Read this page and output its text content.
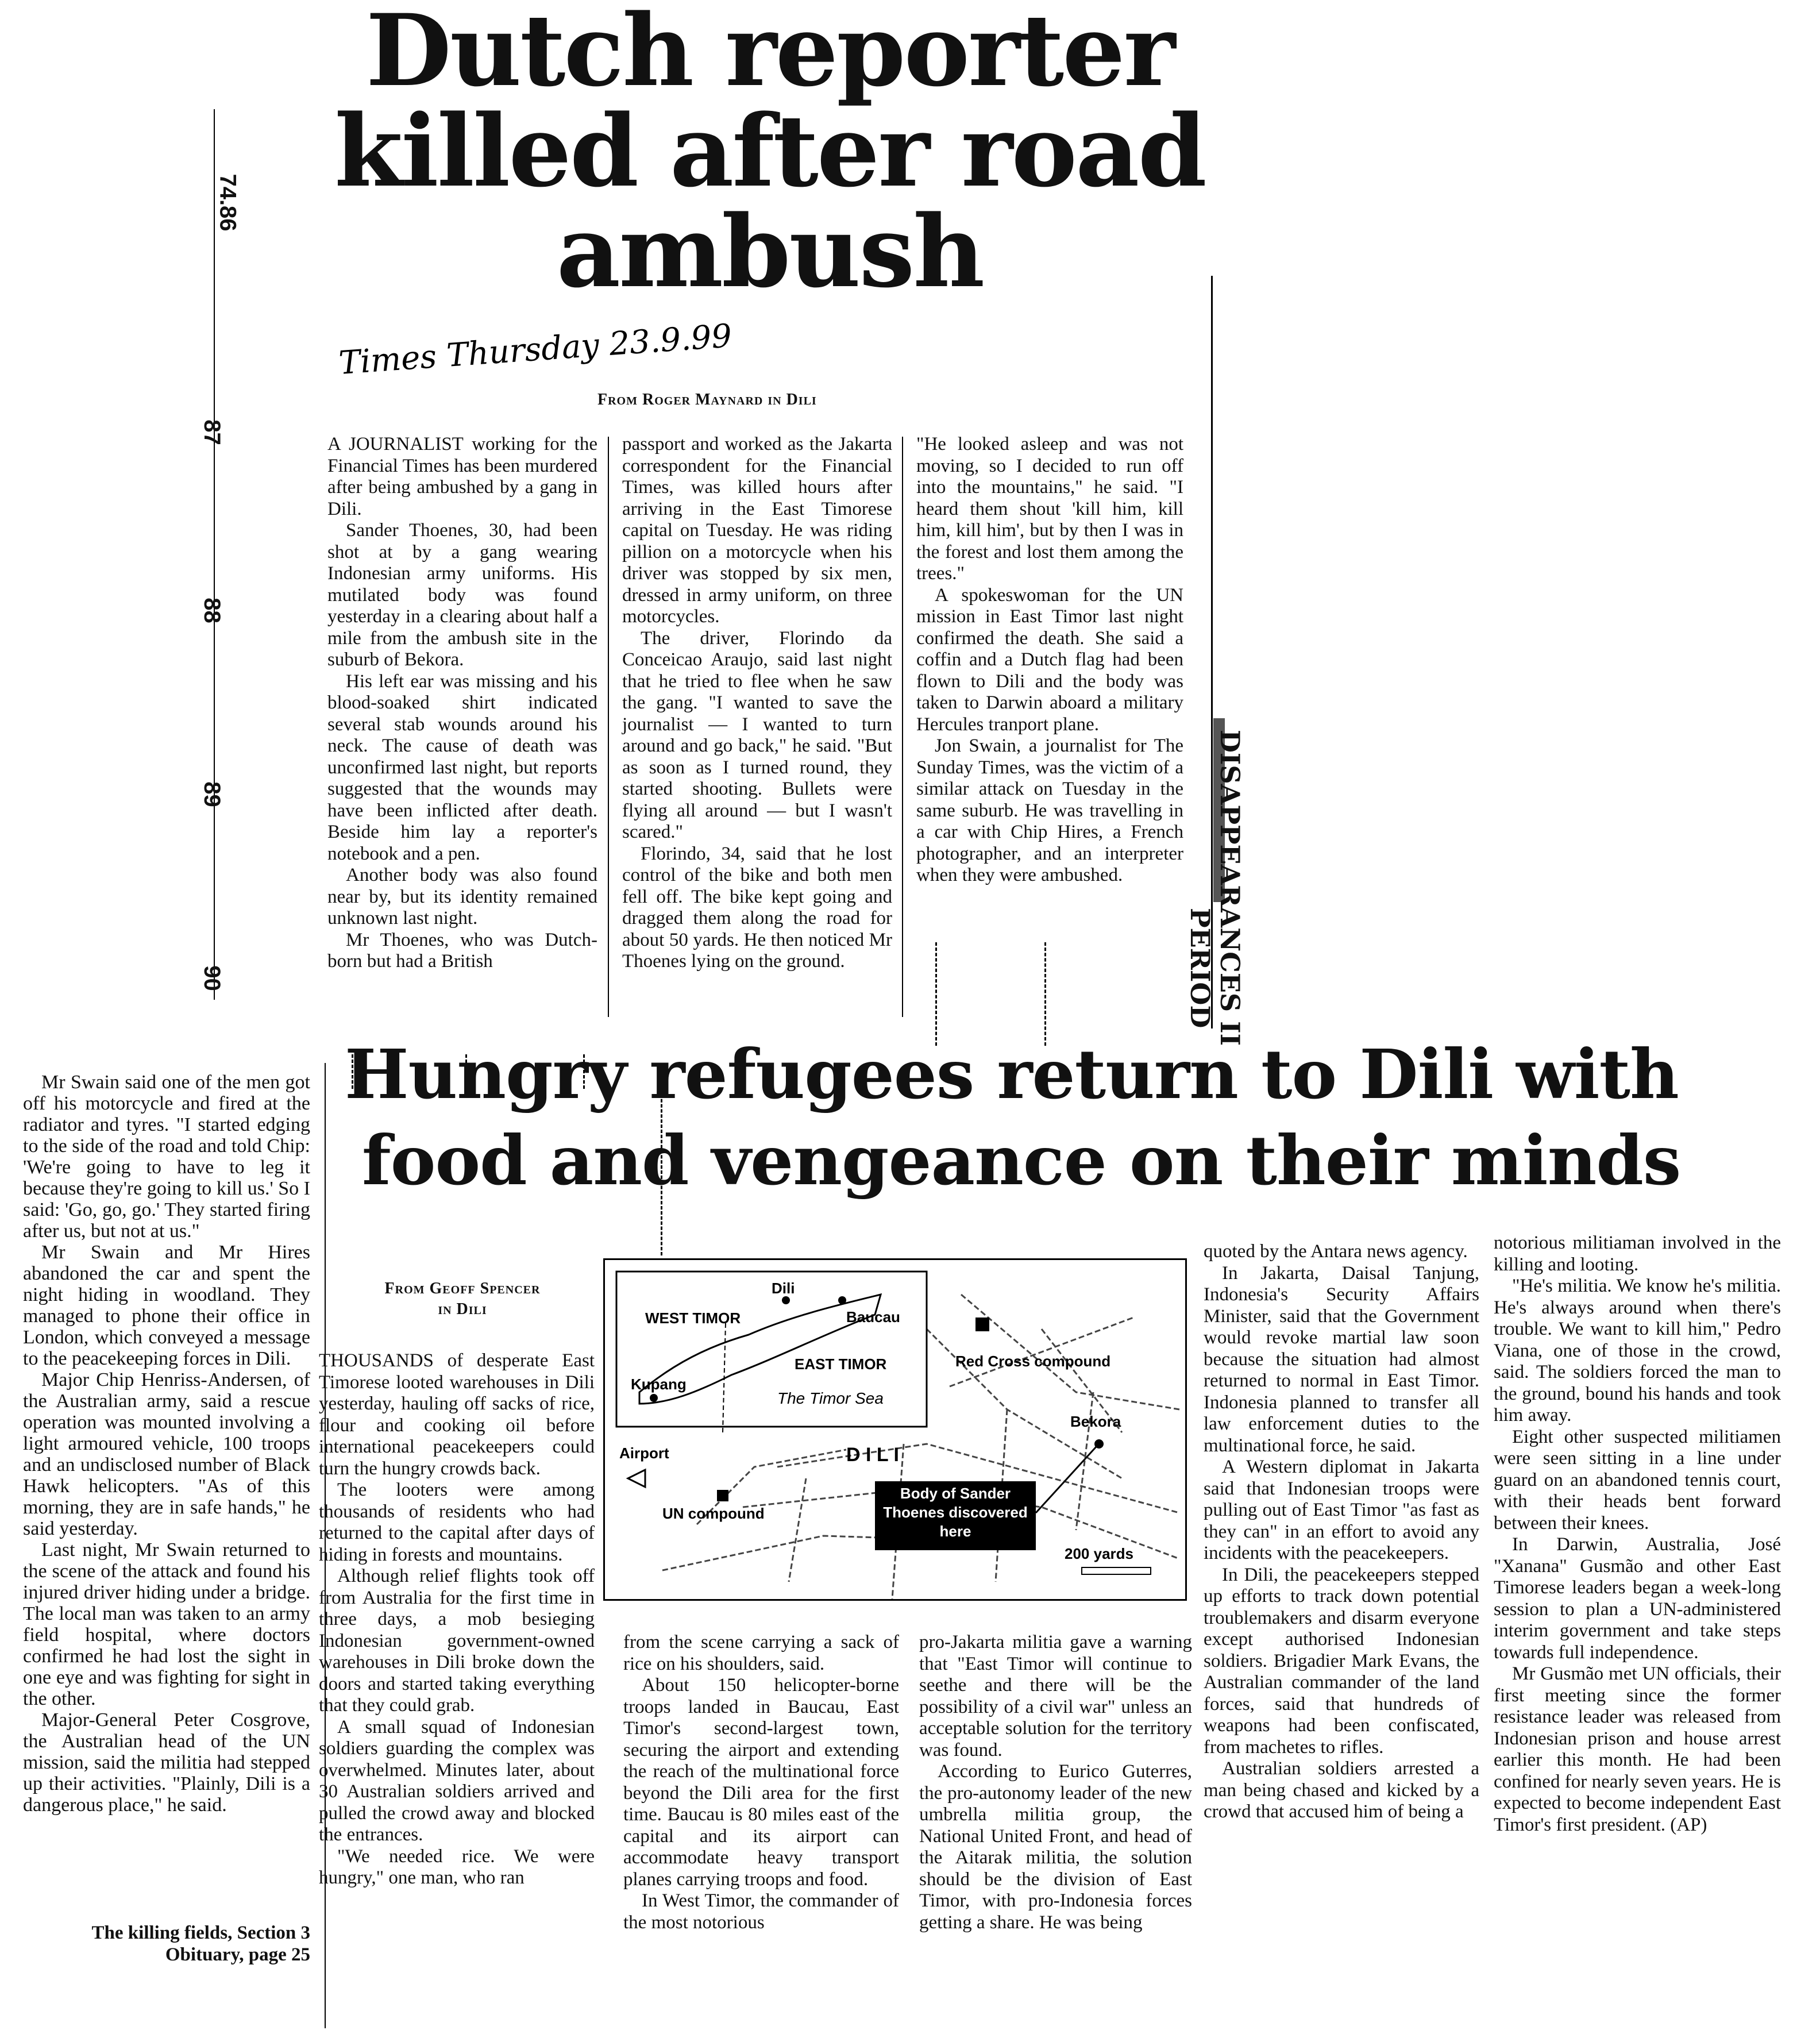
74.86
87
88
89
90
Dutch reporter killed after road ambush
Times Thursday 23.9.99
From Roger Maynard in Dili

A JOURNALIST working for the Financial Times has been murdered after being ambushed by a gang in Dili.

Sander Thoenes, 30, had been shot at by a gang wearing Indonesian army uniforms. His mutilated body was found yesterday in a clearing about half a mile from the ambush site in the suburb of Bekora.

His left ear was missing and his blood-soaked shirt indicated several stab wounds around his neck. The cause of death was unconfirmed last night, but reports suggested that the wounds may have been inflicted after death. Beside him lay a reporter's notebook and a pen.

Another body was also found near by, but its identity remained unknown last night.

Mr Thoenes, who was Dutch-born but had a British

passport and worked as the Jakarta correspondent for the Financial Times, was killed hours after arriving in the East Timorese capital on Tuesday. He was riding pillion on a motorcycle when his driver was stopped by six men, dressed in army uniform, on three motorcycles.

The driver, Florindo da Conceicao Araujo, said last night that he tried to flee when he saw the gang. "I wanted to save the journalist — I wanted to turn around and go back," he said. "But as soon as I turned round, they started shooting. Bullets were flying all around — but I wasn't scared."

Florindo, 34, said that he lost control of the bike and both men fell off. The bike kept going and dragged them along the road for about 50 yards. He then noticed Mr Thoenes lying on the ground.

"He looked asleep and was not moving, so I decided to run off into the mountains," he said. "I heard them shout 'kill him, kill him, kill him', but by then I was in the forest and lost them among the trees."

A spokeswoman for the UN mission in East Timor last night confirmed the death. She said a coffin and a Dutch flag had been flown to Dili and the body was taken to Darwin aboard a military Hercules tranport plane.

Jon Swain, a journalist for The Sunday Times, was the victim of a similar attack on Tuesday in the same suburb. He was travelling in a car with Chip Hires, a French photographer, and an interpreter when they were ambushed.	DISAPPEARANCES II
PERIOD

Mr Swain said one of the men got off his motorcycle and fired at the radiator and tyres. "I started edging to the side of the road and told Chip: 'We're going to have to leg it because they're going to kill us.' So I said: 'Go, go, go.' They started firing after us, but not at us."

Mr Swain and Mr Hires abandoned the car and spent the night hiding in woodland. They managed to phone their office in London, which conveyed a message to the peacekeeping forces in Dili.

Major Chip Henriss-Andersen, of the Australian army, said a rescue operation was mounted involving a light armoured vehicle, 100 troops and an undisclosed number of Black Hawk helicopters. "As of this morning, they are in safe hands," he said yesterday.

Last night, Mr Swain returned to the scene of the attack and found his injured driver hiding under a bridge. The local man was taken to an army field hospital, where doctors confirmed he had lost the sight in one eye and was fighting for sight in the other.

Major-General Peter Cosgrove, the Australian head of the UN mission, said the militia had stepped up their activities. "Plainly, Dili is a dangerous place," he said.

The killing fields, Section 3
Obituary, page 25
Hungry refugees return to Dili with
food and vengeance on their minds
From Geoff Spencer
in Dili
Dili
Baucau
WEST TIMOR
EAST TIMOR
Kupang
The Timor Sea
Red Cross compound
Bekora
D I L I
Airport
UN compound
Body of Sander Thoenes discovered here
200 yards

THOUSANDS of desperate East Timorese looted warehouses in Dili yesterday, hauling off sacks of rice, flour and cooking oil before international peacekeepers could turn the hungry crowds back.

The looters were among thousands of residents who had returned to the capital after days of hiding in forests and mountains.

Although relief flights took off from Australia for the first time in three days, a mob besieging Indonesian government-owned warehouses in Dili broke down the doors and started taking everything that they could grab.

A small squad of Indonesian soldiers guarding the complex was overwhelmed. Minutes later, about 30 Australian soldiers arrived and pulled the crowd away and blocked the entrances.

"We needed rice. We were hungry," one man, who ran

from the scene carrying a sack of rice on his shoulders, said.

About 150 helicopter-borne troops landed in Baucau, East Timor's second-largest town, securing the airport and extending the reach of the multinational force beyond the Dili area for the first time. Baucau is 80 miles east of the capital and its airport can accommodate heavy transport planes carrying troops and food.

In West Timor, the commander of the most notorious

pro-Jakarta militia gave a warning that "East Timor will continue to seethe and there will be the possibility of a civil war" unless an acceptable solution for the territory was found.

According to Eurico Guterres, the pro-autonomy leader of the new umbrella militia group, the National United Front, and head of the Aitarak militia, the solution should be the division of East Timor, with pro-Indonesia forces getting a share. He was being

quoted by the Antara news agency.

In Jakarta, Daisal Tanjung, Indonesia's Security Affairs Minister, said that the Government would revoke martial law soon because the situation had almost returned to normal in East Timor. Indonesia planned to transfer all law enforcement duties to the multinational force, he said.

A Western diplomat in Jakarta said that Indonesian troops were pulling out of East Timor "as fast as they can" in an effort to avoid any incidents with the peacekeepers.

In Dili, the peacekeepers stepped up efforts to track down potential troublemakers and disarm everyone except authorised Indonesian soldiers. Brigadier Mark Evans, the Australian commander of the land forces, said that hundreds of weapons had been confiscated, from machetes to rifles.

Australian soldiers arrested a man being chased and kicked by a crowd that accused him of being a

notorious militiaman involved in the killing and looting.

"He's militia. We know he's militia. He's always around when there's trouble. We want to kill him," Pedro Viana, one of those in the crowd, said. The soldiers forced the man to the ground, bound his hands and took him away.

Eight other suspected militiamen were seen sitting in a line under guard on an abandoned tennis court, with their heads bent forward between their knees.

In Darwin, Australia, José "Xanana" Gusmão and other East Timorese leaders began a week-long session to plan a UN-administered interim government and take steps towards full independence.

Mr Gusmão met UN officials, their first meeting since the former resistance leader was released from Indonesian prison and house arrest earlier this month. He had been confined for nearly seven years. He is expected to become independent East Timor's first president. (AP)
